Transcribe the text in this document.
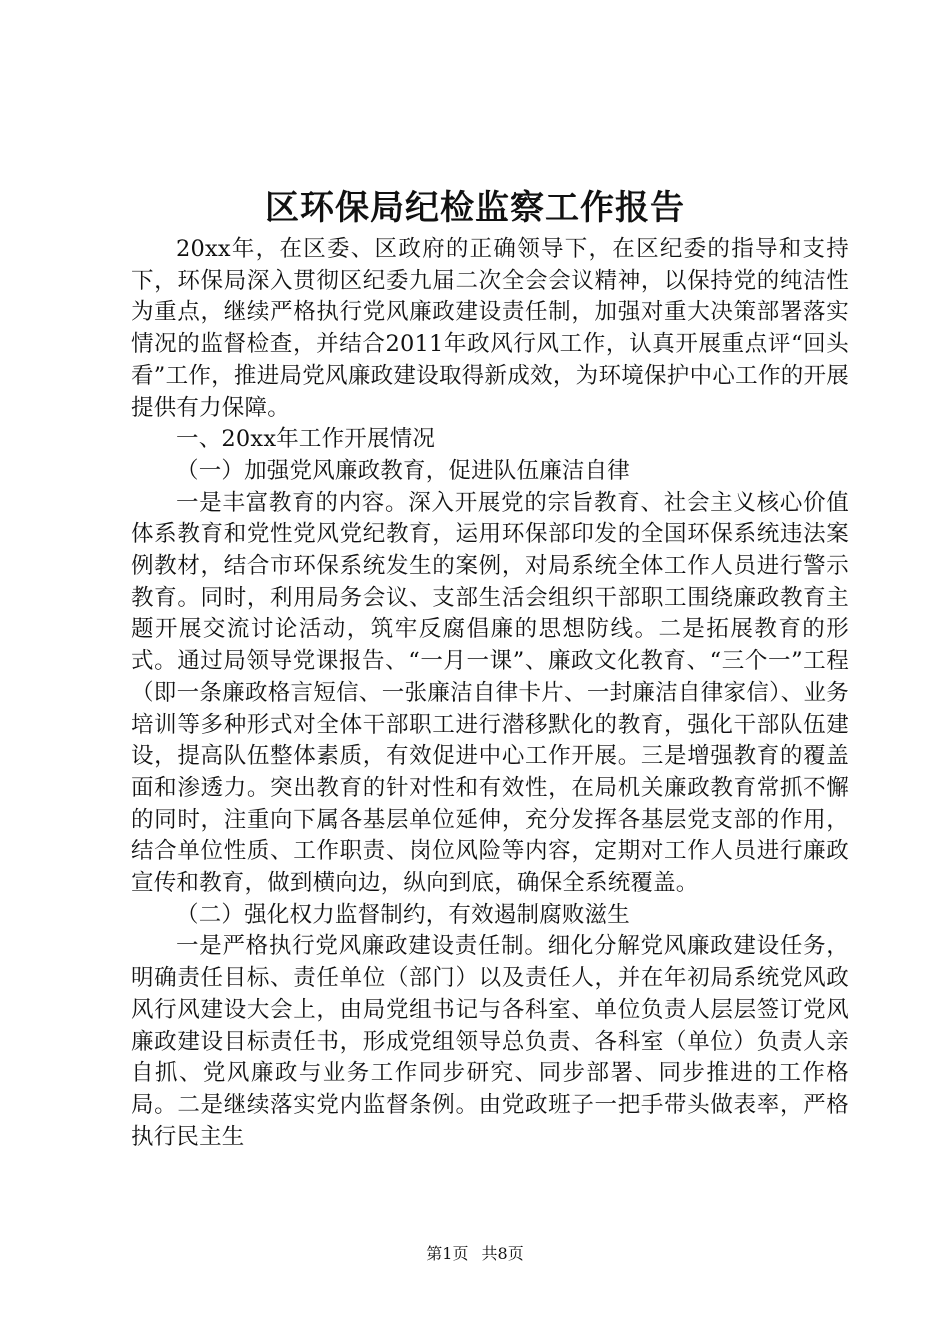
区环保局纪检监察工作报告

20xx年，在区委、区政府的正确领导下，在区纪委的指导和支持下，环保局深入贯彻区纪委九届二次全会会议精神，以保持党的纯洁性为重点，继续严格执行党风廉政建设责任制，加强对重大决策部署落实情况的监督检查，并结合2011年政风行风工作，认真开展重点评“回头看”工作，推进局党风廉政建设取得新成效，为环境保护中心工作的开展提供有力保障。

一、20xx年工作开展情况

（一）加强党风廉政教育，促进队伍廉洁自律

一是丰富教育的内容。深入开展党的宗旨教育、社会主义核心价值体系教育和党性党风党纪教育，运用环保部印发的全国环保系统违法案例教材，结合市环保系统发生的案例，对局系统全体工作人员进行警示教育。同时，利用局务会议、支部生活会组织干部职工围绕廉政教育主题开展交流讨论活动，筑牢反腐倡廉的思想防线。二是拓展教育的形式。通过局领导党课报告、“一月一课”、廉政文化教育、“三个一”工程（即一条廉政格言短信、一张廉洁自律卡片、一封廉洁自律家信）、业务培训等多种形式对全体干部职工进行潜移默化的教育，强化干部队伍建设，提高队伍整体素质，有效促进中心工作开展。三是增强教育的覆盖面和渗透力。突出教育的针对性和有效性，在局机关廉政教育常抓不懈的同时，注重向下属各基层单位延伸，充分发挥各基层党支部的作用，结合单位性质、工作职责、岗位风险等内容，定期对工作人员进行廉政宣传和教育，做到横向边，纵向到底，确保全系统覆盖。

（二）强化权力监督制约，有效遏制腐败滋生

一是严格执行党风廉政建设责任制。细化分解党风廉政建设任务，明确责任目标、责任单位（部门）以及责任人，并在年初局系统党风政风行风建设大会上，由局党组书记与各科室、单位负责人层层签订党风廉政建设目标责任书，形成党组领导总负责、各科室（单位）负责人亲自抓、党风廉政与业务工作同步研究、同步部署、同步推进的工作格局。二是继续落实党内监督条例。由党政班子一把手带头做表率，严格执行民主生

第1页 共8页
